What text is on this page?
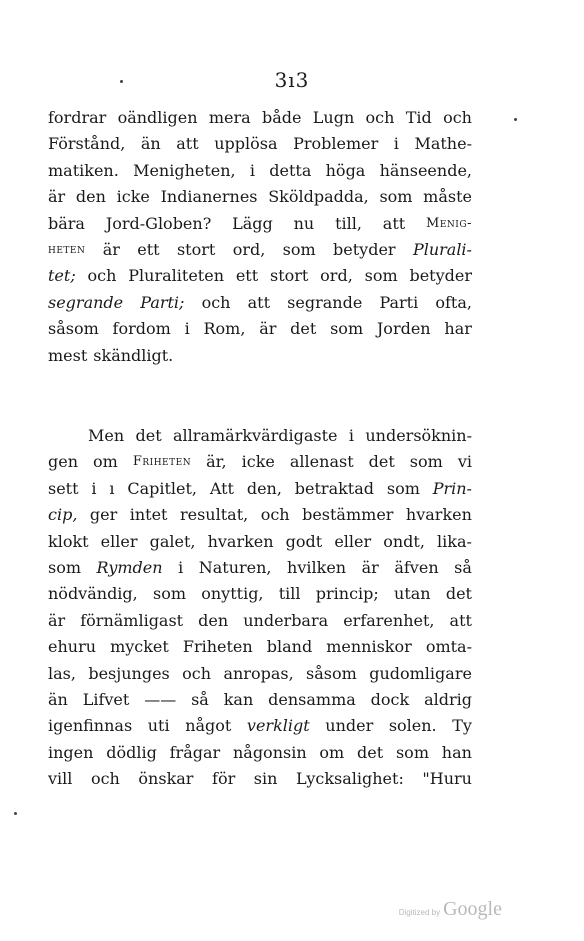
3ı3
fordrar oändligen mera både Lugn och Tid och
Förstånd, än att upplösa Problemer i Mathe-
matiken. Menigheten, i detta höga hänseende,
är den icke Indianernes Sköldpadda, som måste
bära Jord-Globen? Lägg nu till, att Menig-
heten är ett stort ord, som betyder Plurali-
tet; och Pluraliteten ett stort ord, som betyder
segrande Parti; och att segrande Parti ofta,
såsom fordom i Rom, är det som Jorden har
mest skändligt.
Men det allramärkvärdigaste i undersöknin-
gen om Friheten är, icke allenast det som vi
sett i ı Capitlet, Att den, betraktad som Prin-
cip, ger intet resultat, och bestämmer hvarken
klokt eller galet, hvarken godt eller ondt, lika-
som Rymden i Naturen, hvilken är äfven så
nödvändig, som onyttig, till princip; utan det
är förnämligast den underbara erfarenhet, att
ehuru mycket Friheten bland menniskor omta-
las, besjunges och anropas, såsom gudomligare
än Lifvet —— så kan densamma dock aldrig
igenfinnas uti något verkligt under solen. Ty
ingen dödlig frågar någonsin om det som han
vill och önskar för sin Lycksalighet: "Huru
Digitized by Google
